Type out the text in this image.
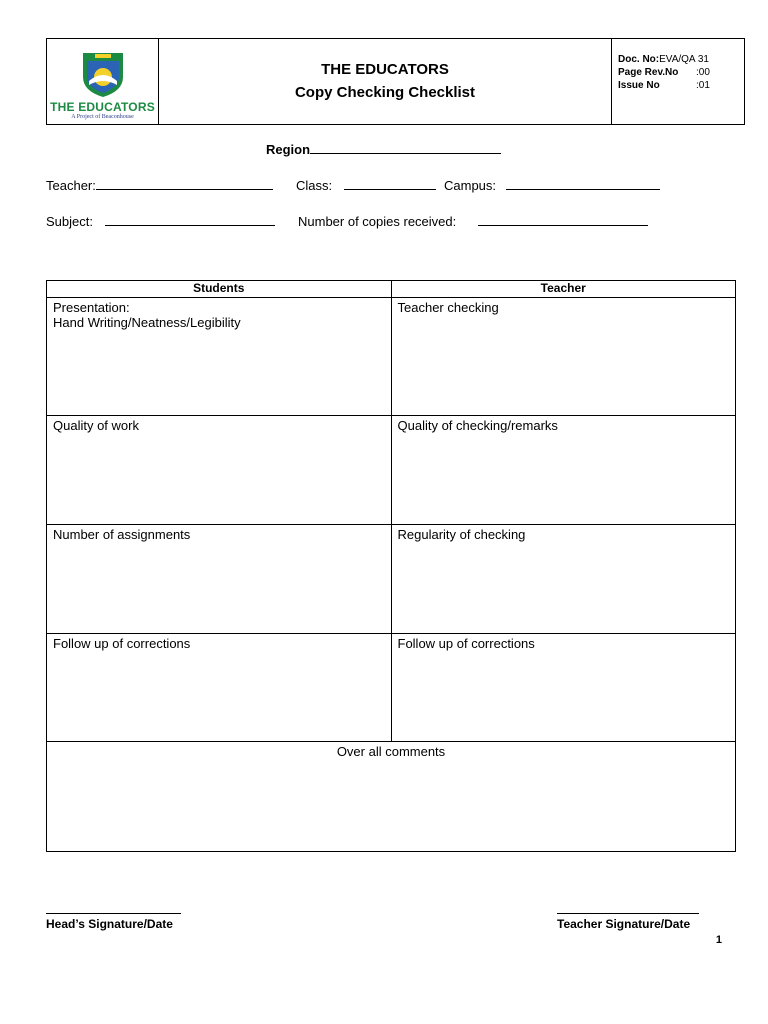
THE EDUCATORS
A Project of Beaconhouse
THE EDUCATORS
Copy Checking Checklist
Doc. No: EVA/QA 31
Page Rev.No	:00
Issue No	:01
Region
Teacher:	Class:	Campus:
Subject:	Number of copies received:
Students	Teacher

Presentation:
Hand Writing/Neatness/Legibility	Teacher checking

Quality of work	Quality of checking/remarks

Number of assignments	Regularity of checking

Follow up of corrections	Follow up of corrections

Over all comments	
Head’s Signature/Date	Teacher Signature/Date
1
